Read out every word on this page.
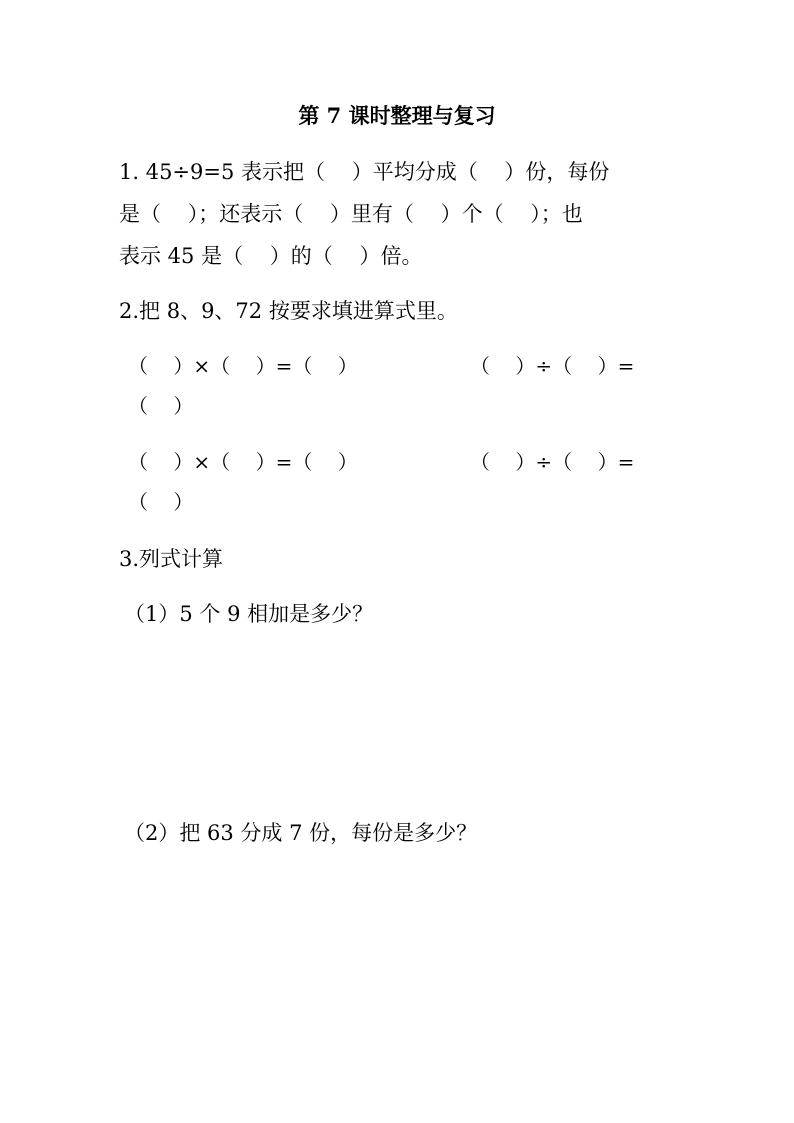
第 7 课时整理与复习
1. 45÷9=5 表示把（    ）平均分成（    ）份，每份
是（    ）；还表示（    ）里有（    ）个（    ）；也
表示 45 是（    ）的（    ）倍。
2.把 8、9、72 按要求填进算式里。
（    ）×（    ）=（    ）	（    ）÷（    ）=
（    ）
（    ）×（    ）=（    ）	（    ）÷（    ）=
（    ）
3.列式计算
（1）5 个 9 相加是多少？
（2）把 63 分成 7 份，每份是多少？
